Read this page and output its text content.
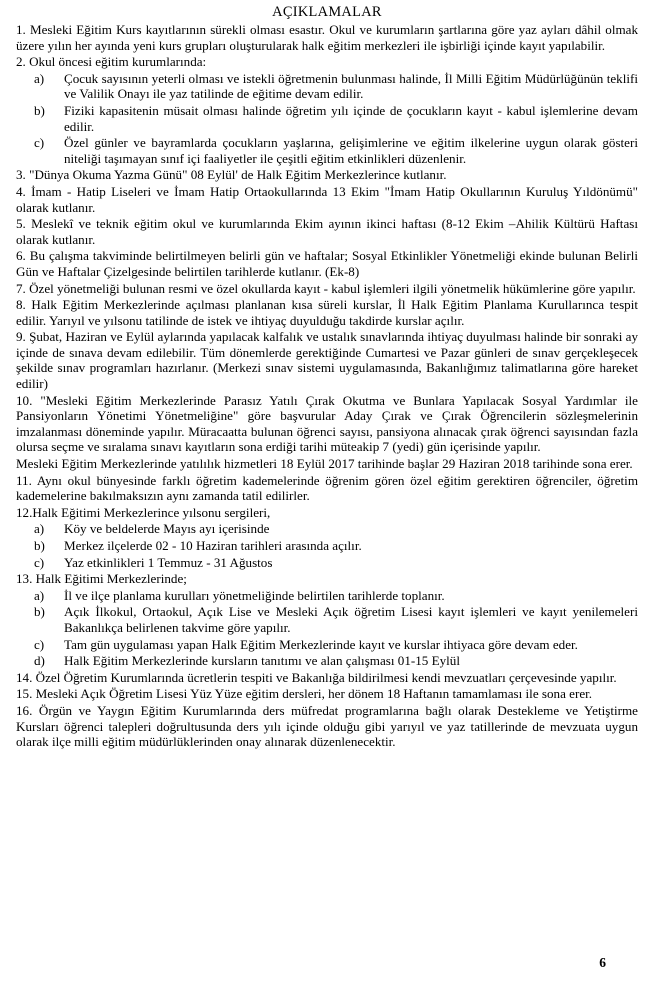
AÇIKLAMALAR
1. Mesleki Eğitim Kurs kayıtlarının sürekli olması esastır. Okul ve kurumların şartlarına göre yaz ayları dâhil olmak üzere yılın her ayında yeni kurs grupları oluşturularak halk eğitim merkezleri ile işbirliği içinde kayıt yapılabilir.
2. Okul öncesi eğitim kurumlarında:
a)	Çocuk sayısının yeterli olması ve istekli öğretmenin bulunması halinde, İl Milli Eğitim Müdürlüğünün teklifi ve Valilik Onayı ile yaz tatilinde de eğitime devam edilir.
b)	Fiziki kapasitenin müsait olması halinde öğretim yılı içinde de çocukların kayıt - kabul işlemlerine devam edilir.
c)	Özel günler ve bayramlarda çocukların yaşlarına, gelişimlerine ve eğitim ilkelerine uygun olarak gösteri niteliği taşımayan sınıf içi faaliyetler ile çeşitli eğitim etkinlikleri düzenlenir.
3. "Dünya Okuma Yazma Günü" 08 Eylül' de Halk Eğitim Merkezlerince kutlanır.
4. İmam - Hatip Liseleri ve İmam Hatip Ortaokullarında 13 Ekim "İmam Hatip Okullarının Kuruluş Yıldönümü" olarak kutlanır.
5. Meslekî ve teknik eğitim okul ve kurumlarında Ekim ayının ikinci haftası (8-12 Ekim –Ahilik Kültürü Haftası olarak kutlanır.
6. Bu çalışma takviminde belirtilmeyen belirli gün ve haftalar; Sosyal Etkinlikler Yönetmeliği ekinde bulunan Belirli Gün ve Haftalar Çizelgesinde belirtilen tarihlerde kutlanır. (Ek-8)
7. Özel yönetmeliği bulunan resmi ve özel okullarda kayıt - kabul işlemleri ilgili yönetmelik hükümlerine göre yapılır.
8. Halk Eğitim Merkezlerinde açılması planlanan kısa süreli kurslar, İl Halk Eğitim Planlama Kurullarınca tespit edilir. Yarıyıl ve yılsonu tatilinde de istek ve ihtiyaç duyulduğu takdirde kurslar açılır.
9. Şubat, Haziran ve Eylül aylarında yapılacak kalfalık ve ustalık sınavlarında ihtiyaç duyulması halinde bir sonraki ay içinde de sınava devam edilebilir. Tüm dönemlerde gerektiğinde Cumartesi ve Pazar günleri de sınav gerçekleşecek şekilde sınav programları hazırlanır. (Merkezi sınav sistemi uygulamasında, Bakanlığımız talimatlarına göre hareket edilir)
10. "Mesleki Eğitim Merkezlerinde Parasız Yatılı Çırak Okutma ve Bunlara Yapılacak Sosyal Yardımlar ile Pansiyonların Yönetimi Yönetmeliğine" göre başvurular Aday Çırak ve Çırak Öğrencilerin sözleşmelerinin imzalanması döneminde yapılır. Müracaatta bulunan öğrenci sayısı, pansiyona alınacak çırak öğrenci sayısından fazla olursa seçme ve sıralama sınavı kayıtların sona erdiği tarihi müteakip 7 (yedi) gün içerisinde yapılır.
Mesleki Eğitim Merkezlerinde yatılılık hizmetleri 18 Eylül 2017 tarihinde başlar 29 Haziran 2018 tarihinde sona erer.
11. Aynı okul bünyesinde farklı öğretim kademelerinde öğrenim gören özel eğitim gerektiren öğrenciler, öğretim kademelerine bakılmaksızın aynı zamanda tatil edilirler.
12.Halk Eğitimi Merkezlerince yılsonu sergileri,
a)	Köy ve beldelerde Mayıs ayı içerisinde
b)	Merkez ilçelerde 02 - 10 Haziran tarihleri arasında açılır.
c)	Yaz etkinlikleri 1 Temmuz - 31 Ağustos
13. Halk Eğitimi Merkezlerinde;
a)	İl ve ilçe planlama kurulları yönetmeliğinde belirtilen tarihlerde toplanır.
b)	Açık İlkokul, Ortaokul, Açık Lise ve Mesleki Açık öğretim Lisesi kayıt işlemleri ve kayıt yenilemeleri Bakanlıkça belirlenen takvime göre yapılır.
c)	Tam gün uygulaması yapan Halk Eğitim Merkezlerinde kayıt ve kurslar ihtiyaca göre devam eder.
d)	Halk Eğitim Merkezlerinde kursların tanıtımı ve alan çalışması 01-15 Eylül
14. Özel Öğretim Kurumlarında ücretlerin tespiti ve Bakanlığa bildirilmesi kendi mevzuatları çerçevesinde yapılır.
15. Mesleki Açık Öğretim Lisesi Yüz Yüze eğitim dersleri, her dönem 18 Haftanın tamamlaması ile sona erer.
16. Örgün ve Yaygın Eğitim Kurumlarında ders müfredat programlarına bağlı olarak Destekleme ve Yetiştirme Kursları öğrenci talepleri doğrultusunda ders yılı içinde olduğu gibi yarıyıl ve yaz tatillerinde de mevzuata uygun olarak ilçe milli eğitim müdürlüklerinden onay alınarak düzenlenecektir.
6
